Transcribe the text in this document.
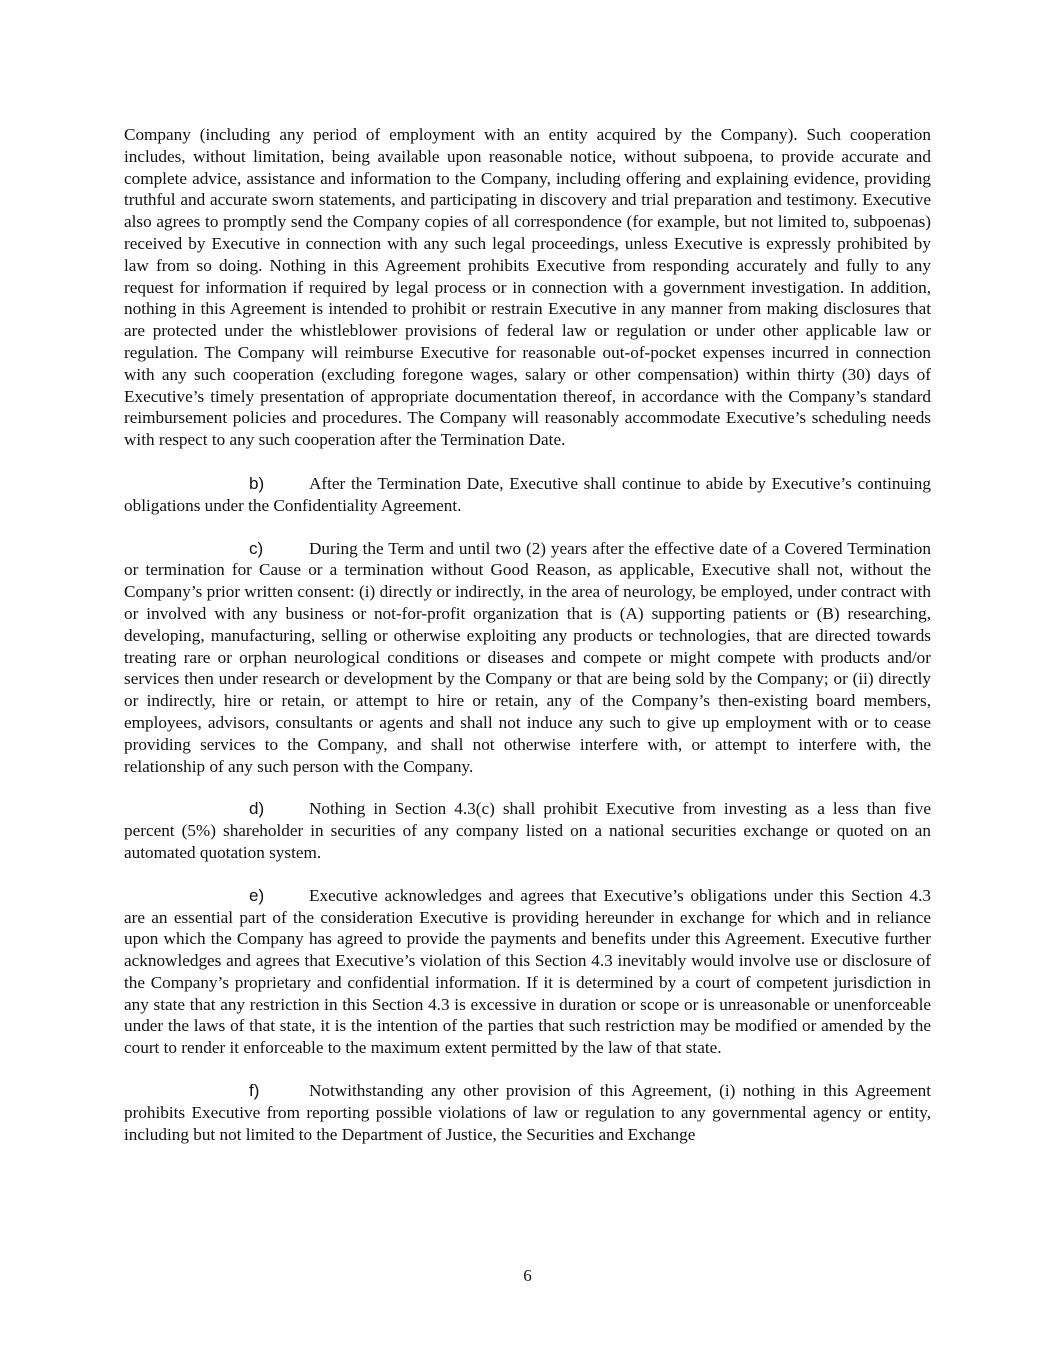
Company (including any period of employment with an entity acquired by the Company). Such cooperation includes, without limitation, being available upon reasonable notice, without subpoena, to provide accurate and complete advice, assistance and information to the Company, including offering and explaining evidence, providing truthful and accurate sworn statements, and participating in discovery and trial preparation and testimony. Executive also agrees to promptly send the Company copies of all correspondence (for example, but not limited to, subpoenas) received by Executive in connection with any such legal proceedings, unless Executive is expressly prohibited by law from so doing. Nothing in this Agreement prohibits Executive from responding accurately and fully to any request for information if required by legal process or in connection with a government investigation. In addition, nothing in this Agreement is intended to prohibit or restrain Executive in any manner from making disclosures that are protected under the whistleblower provisions of federal law or regulation or under other applicable law or regulation. The Company will reimburse Executive for reasonable out-of-pocket expenses incurred in connection with any such cooperation (excluding foregone wages, salary or other compensation) within thirty (30) days of Executive’s timely presentation of appropriate documentation thereof, in accordance with the Company’s standard reimbursement policies and procedures. The Company will reasonably accommodate Executive’s scheduling needs with respect to any such cooperation after the Termination Date.

b)	After the Termination Date, Executive shall continue to abide by Executive’s continuing obligations under the Confidentiality Agreement.

c)	During the Term and until two (2) years after the effective date of a Covered Termination or termination for Cause or a termination without Good Reason, as applicable, Executive shall not, without the Company’s prior written consent: (i) directly or indirectly, in the area of neurology, be employed, under contract with or involved with any business or not-for-profit organization that is (A) supporting patients or (B) researching, developing, manufacturing, selling or otherwise exploiting any products or technologies, that are directed towards treating rare or orphan neurological conditions or diseases and compete or might compete with products and/or services then under research or development by the Company or that are being sold by the Company; or (ii) directly or indirectly, hire or retain, or attempt to hire or retain, any of the Company’s then-existing board members, employees, advisors, consultants or agents and shall not induce any such to give up employment with or to cease providing services to the Company, and shall not otherwise interfere with, or attempt to interfere with, the relationship of any such person with the Company.

d)	Nothing in Section 4.3(c) shall prohibit Executive from investing as a less than five percent (5%) shareholder in securities of any company listed on a national securities exchange or quoted on an automated quotation system.

e)	Executive acknowledges and agrees that Executive’s obligations under this Section 4.3 are an essential part of the consideration Executive is providing hereunder in exchange for which and in reliance upon which the Company has agreed to provide the payments and benefits under this Agreement. Executive further acknowledges and agrees that Executive’s violation of this Section 4.3 inevitably would involve use or disclosure of the Company’s proprietary and confidential information. If it is determined by a court of competent jurisdiction in any state that any restriction in this Section 4.3 is excessive in duration or scope or is unreasonable or unenforceable under the laws of that state, it is the intention of the parties that such restriction may be modified or amended by the court to render it enforceable to the maximum extent permitted by the law of that state.

f)	Notwithstanding any other provision of this Agreement, (i) nothing in this Agreement prohibits Executive from reporting possible violations of law or regulation to any governmental agency or entity, including but not limited to the Department of Justice, the Securities and Exchange

6
